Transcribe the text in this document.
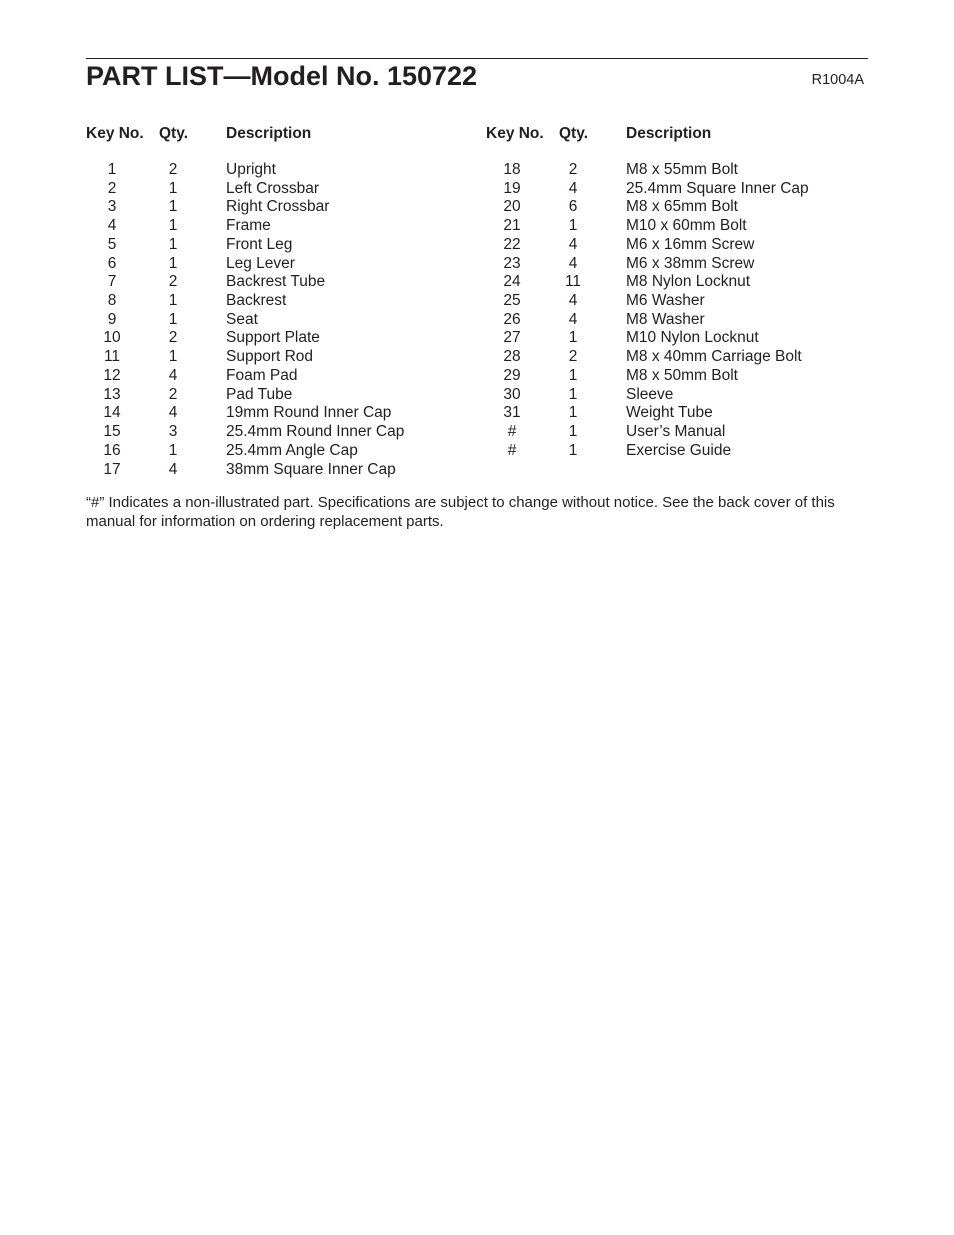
PART LIST—Model No. 150722	R1004A
Key No. Qty.	Description
1	2	Upright
2	1	Left Crossbar
3	1	Right Crossbar
4	1	Frame
5	1	Front Leg
6	1	Leg Lever
7	2	Backrest Tube
8	1	Backrest
9	1	Seat
10	2	Support Plate
11	1	Support Rod
12	4	Foam Pad
13	2	Pad Tube
14	4	19mm Round Inner Cap
15	3	25.4mm Round Inner Cap
16	1	25.4mm Angle Cap
17	4	38mm Square Inner Cap
Key No. Qty.	Description
18	2	M8 x 55mm Bolt
19	4	25.4mm Square Inner Cap
20	6	M8 x 65mm Bolt
21	1	M10 x 60mm Bolt
22	4	M6 x 16mm Screw
23	4	M6 x 38mm Screw
24	11	M8 Nylon Locknut
25	4	M6 Washer
26	4	M8 Washer
27	1	M10 Nylon Locknut
28	2	M8 x 40mm Carriage Bolt
29	1	M8 x 50mm Bolt
30	1	Sleeve
31	1	Weight Tube
#	1	User’s Manual
#	1	Exercise Guide
“#” Indicates a non-illustrated part. Specifications are subject to change without notice. See the back cover of this manual for information on ordering replacement parts.
